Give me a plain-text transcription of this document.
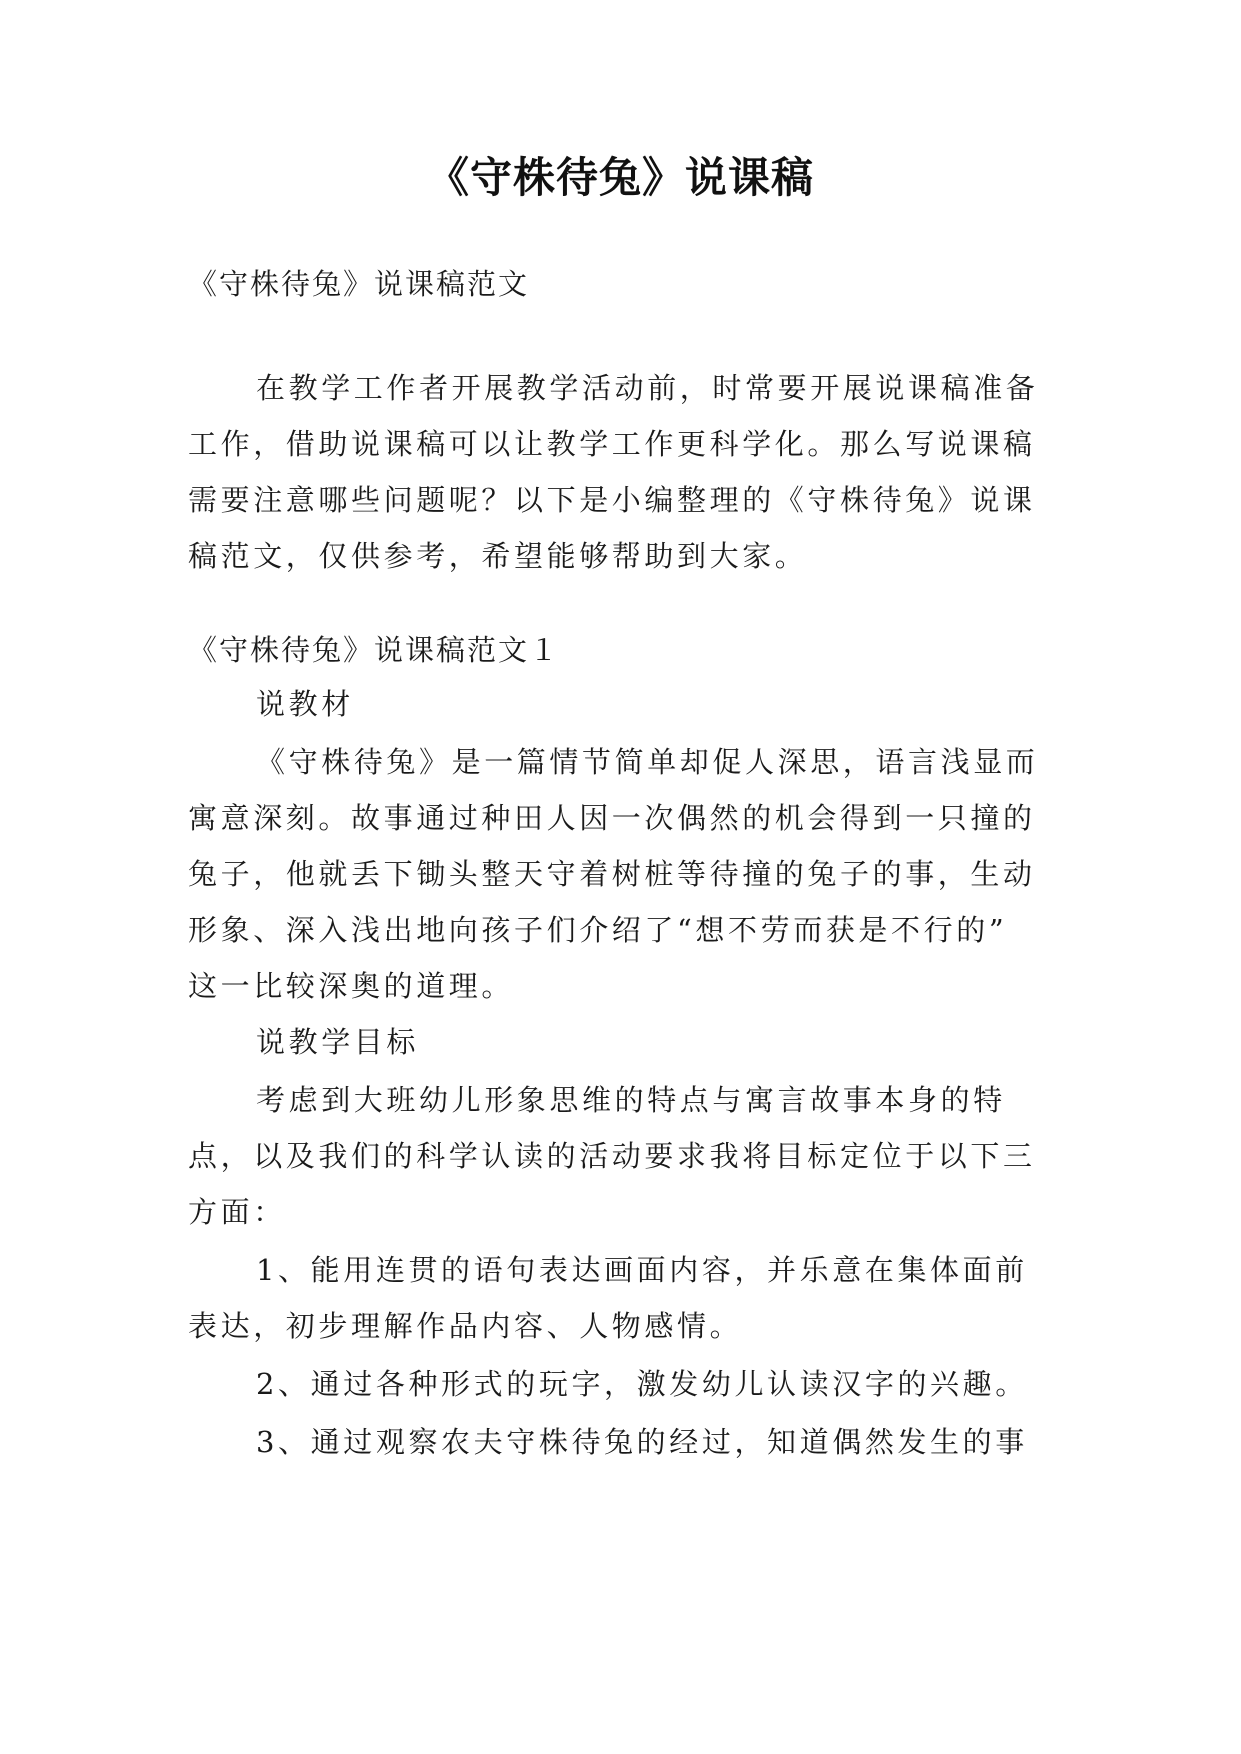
《守株待兔》说课稿
《守株待兔》说课稿范文
在教学工作者开展教学活动前，时常要开展说课稿准备
工作，借助说课稿可以让教学工作更科学化。那么写说课稿
需要注意哪些问题呢？以下是小编整理的《守株待兔》说课
稿范文，仅供参考，希望能够帮助到大家。
《守株待兔》说课稿范文１
说教材
《守株待兔》是一篇情节简单却促人深思，语言浅显而
寓意深刻。故事通过种田人因一次偶然的机会得到一只撞的
兔子，他就丢下锄头整天守着树桩等待撞的兔子的事，生动
形象、深入浅出地向孩子们介绍了“想不劳而获是不行的”
这一比较深奥的道理。
说教学目标
考虑到大班幼儿形象思维的特点与寓言故事本身的特
点，以及我们的科学认读的活动要求我将目标定位于以下三
方面：
1、能用连贯的语句表达画面内容，并乐意在集体面前
表达，初步理解作品内容、人物感情。
2、通过各种形式的玩字，激发幼儿认读汉字的兴趣。
3、通过观察农夫守株待兔的经过，知道偶然发生的事
